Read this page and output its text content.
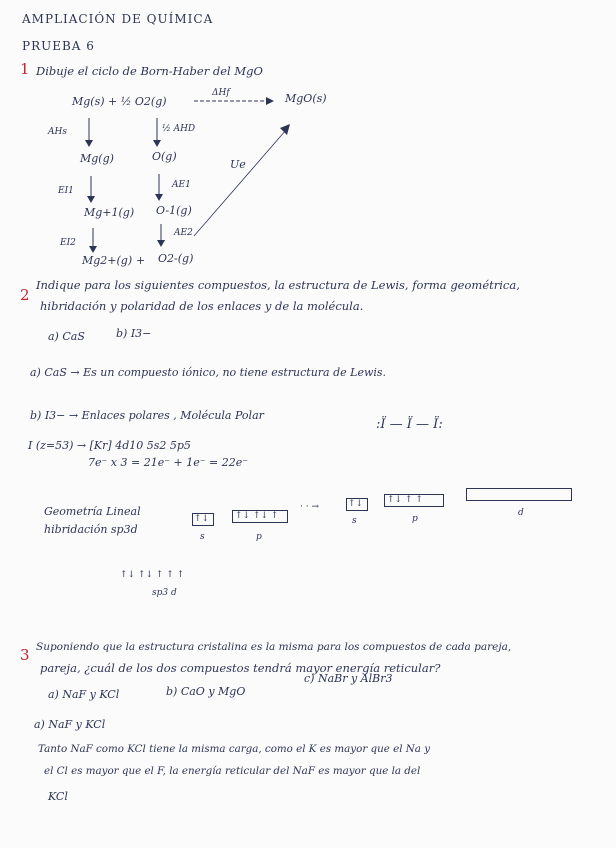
AMPLIACIÓN DE QUÍMICA
PRUEBA 6
1 Dibuje el ciclo de Born-Haber del MgO
Mg(s) + ½ O2(g)
ΔHf	MgO(s)
AHs	½ AHD
Mg(g)	O(g)
Ue
EI1
AE1
Mg+1(g) O-1(g)
EI2
AE2
Mg2+(g) + O2-(g)
2
Indique para los siguientes compuestos, la estructura de Lewis, forma geométrica,
hibridación y polaridad de los enlaces y de la molécula.
a) CaS	b) I3−
a) CaS → Es un compuesto iónico, no tiene estructura de Lewis.
b) I3− → Enlaces polares , Molécula Polar
I (z=53) → [Kr] 4d10 5s2 5p5
:Ï — Ï — Ï:
7e⁻ x 3 = 21e⁻ + 1e⁻ = 22e⁻
Geometría Lineal
hibridación sp3d
↑↓	↑↓ ↑↓ ↑
s	p
· · →	↑↓	↑↓ ↑ ↑
s	p
d
↑↓ ↑↓ ↑ ↑ ↑
sp3 d
3 Suponiendo que la estructura cristalina es la misma para los compuestos de cada pareja,
pareja, ¿cuál de los dos compuestos tendrá mayor energía reticular?
a) NaF y KCl	b) CaO y MgO
c) NaBr y AlBr3
a) NaF y KCl
Tanto NaF como KCl tiene la misma carga, como el K es mayor que el Na y
el Cl es mayor que el F, la energía reticular del NaF es mayor que la del
KCl
